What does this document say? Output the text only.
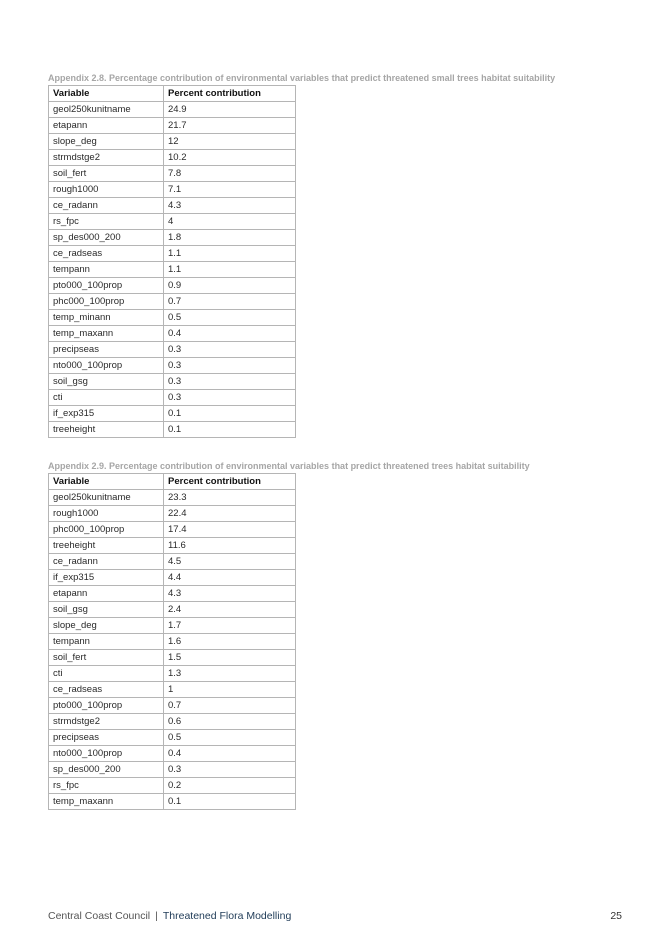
Appendix 2.8. Percentage contribution of environmental variables that predict threatened small trees habitat suitability
Variable	Percent contribution
geol250kunitname	24.9
etapann	21.7
slope_deg	12
strmdstge2	10.2
soil_fert	7.8
rough1000	7.1
ce_radann	4.3
rs_fpc	4
sp_des000_200	1.8
ce_radseas	1.1
tempann	1.1
pto000_100prop	0.9
phc000_100prop	0.7
temp_minann	0.5
temp_maxann	0.4
precipseas	0.3
nto000_100prop	0.3
soil_gsg	0.3
cti	0.3
if_exp315	0.1
treeheight	0.1
Appendix 2.9. Percentage contribution of environmental variables that predict threatened trees habitat suitability
Variable	Percent contribution
geol250kunitname	23.3
rough1000	22.4
phc000_100prop	17.4
treeheight	11.6
ce_radann	4.5
if_exp315	4.4
etapann	4.3
soil_gsg	2.4
slope_deg	1.7
tempann	1.6
soil_fert	1.5
cti	1.3
ce_radseas	1
pto000_100prop	0.7
strmdstge2	0.6
precipseas	0.5
nto000_100prop	0.4
sp_des000_200	0.3
rs_fpc	0.2
temp_maxann	0.1
Central Coast Council | Threatened Flora Modelling	25
